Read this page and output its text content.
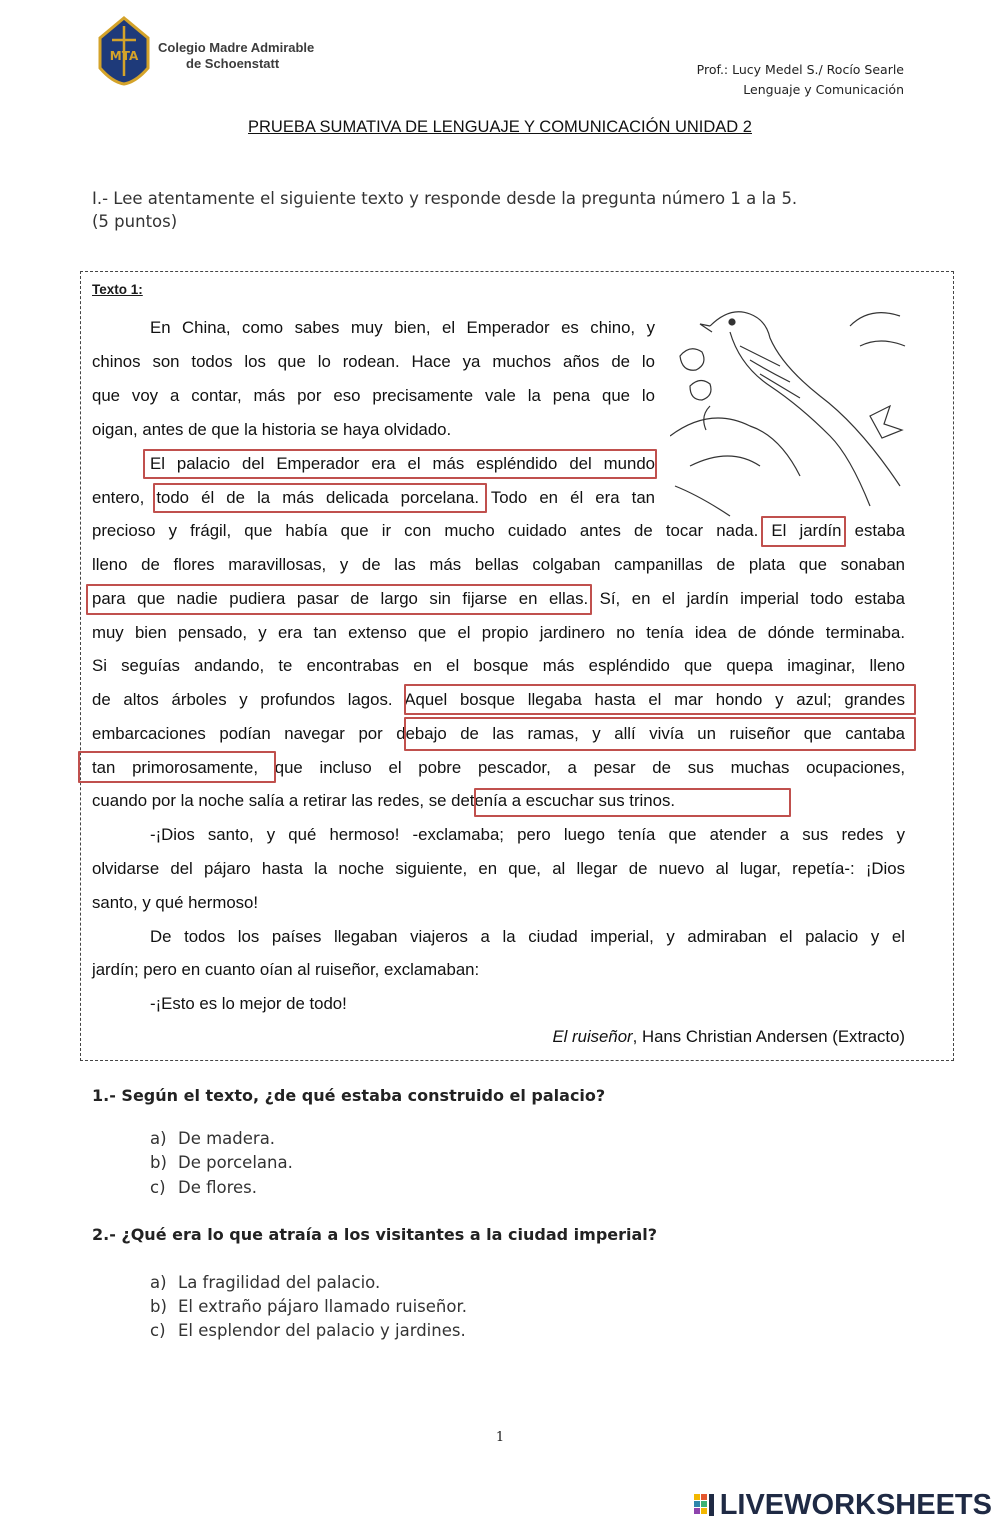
MTA
Colegio Madre Admirable
de Schoenstatt	Prof.: Lucy Medel S./ Rocío Searle
Lenguaje y Comunicación
PRUEBA SUMATIVA DE LENGUAJE Y COMUNICACIÓN UNIDAD 2
I.- Lee atentamente el siguiente texto y responde desde la pregunta número 1 a la 5.
(5 puntos)
Texto 1:
En China, como sabes muy bien, el Emperador es chino, y
chinos son todos los que lo rodean. Hace ya muchos años de lo
que voy a contar, más por eso precisamente vale la pena que lo
oigan, antes de que la historia se haya olvidado.
El palacio del Emperador era el más espléndido del mundo
entero, todo él de la más delicada porcelana. Todo en él era tan
precioso y frágil, que había que ir con mucho cuidado antes de tocar nada. El jardín estaba
lleno de flores maravillosas, y de las más bellas colgaban campanillas de plata que sonaban
para que nadie pudiera pasar de largo sin fijarse en ellas. Sí, en el jardín imperial todo estaba
muy bien pensado, y era tan extenso que el propio jardinero no tenía idea de dónde terminaba.
Si seguías andando, te encontrabas en el bosque más espléndido que quepa imaginar, lleno
de altos árboles y profundos lagos. Aquel bosque llegaba hasta el mar hondo y azul; grandes
embarcaciones podían navegar por debajo de las ramas, y allí vivía un ruiseñor que cantaba
tan primorosamente, que incluso el pobre pescador, a pesar de sus muchas ocupaciones,
cuando por la noche salía a retirar las redes, se detenía a escuchar sus trinos.
-¡Dios santo, y qué hermoso! -exclamaba; pero luego tenía que atender a sus redes y
olvidarse del pájaro hasta la noche siguiente, en que, al llegar de nuevo al lugar, repetía-: ¡Dios
santo, y qué hermoso!
De todos los países llegaban viajeros a la ciudad imperial, y admiraban el palacio y el
jardín; pero en cuanto oían al ruiseñor, exclamaban:
-¡Esto es lo mejor de todo!
El ruiseñor, Hans Christian Andersen (Extracto)
1.- Según el texto, ¿de qué estaba construido el palacio?
a) De madera.
b) De porcelana.
c) De flores.
2.- ¿Qué era lo que atraía a los visitantes a la ciudad imperial?
a) La fragilidad del palacio.
b) El extraño pájaro llamado ruiseñor.
c) El esplendor del palacio y jardines.
1
LIVEWORKSHEETS
